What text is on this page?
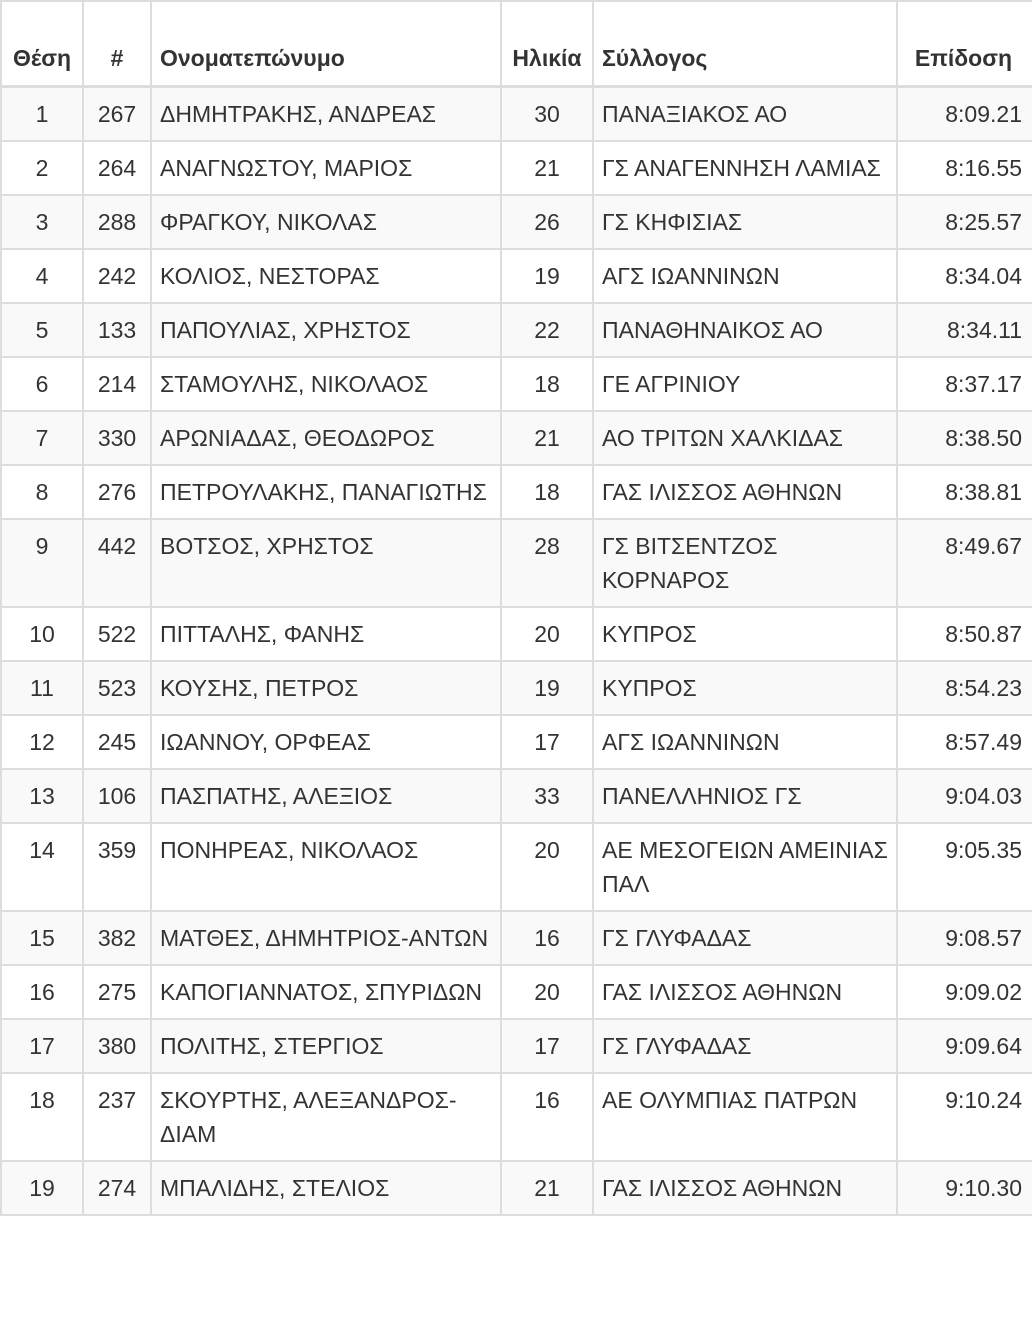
Θέση	#	Ονοματεπώνυμο	Ηλικία	Σύλλογος	Επίδοση
1	267	ΔΗΜΗΤΡΑΚΗΣ, ΑΝΔΡΕΑΣ	30	ΠΑΝΑΞΙΑΚΟΣ ΑΟ	8:09.21
2	264	ΑΝΑΓΝΩΣΤΟΥ, ΜΑΡΙΟΣ	21	ΓΣ ΑΝΑΓΕΝΝΗΣΗ ΛΑΜΙΑΣ	8:16.55
3	288	ΦΡΑΓΚΟΥ, ΝΙΚΟΛΑΣ	26	ΓΣ ΚΗΦΙΣΙΑΣ	8:25.57
4	242	ΚΟΛΙΟΣ, ΝΕΣΤΟΡΑΣ	19	ΑΓΣ ΙΩΑΝΝΙΝΩΝ	8:34.04
5	133	ΠΑΠΟΥΛΙΑΣ, ΧΡΗΣΤΟΣ	22	ΠΑΝΑΘΗΝΑΙΚΟΣ ΑΟ	8:34.11
6	214	ΣΤΑΜΟΥΛΗΣ, ΝΙΚΟΛΑΟΣ	18	ΓΕ ΑΓΡΙΝΙΟΥ	8:37.17
7	330	ΑΡΩΝΙΑΔΑΣ, ΘΕΟΔΩΡΟΣ	21	ΑΟ ΤΡΙΤΩΝ ΧΑΛΚΙΔΑΣ	8:38.50
8	276	ΠΕΤΡΟΥΛΑΚΗΣ, ΠΑΝΑΓΙΩΤΗΣ	18	ΓΑΣ ΙΛΙΣΣΟΣ ΑΘΗΝΩΝ	8:38.81
9	442	ΒΟΤΣΟΣ, ΧΡΗΣΤΟΣ	28	ΓΣ ΒΙΤΣΕΝΤΖΟΣ ΚΟΡΝΑΡΟΣ	8:49.67
10	522	ΠΙΤΤΑΛΗΣ, ΦΑΝΗΣ	20	ΚΥΠΡΟΣ	8:50.87
11	523	ΚΟΥΣΗΣ, ΠΕΤΡΟΣ	19	ΚΥΠΡΟΣ	8:54.23
12	245	ΙΩΑΝΝΟΥ, ΟΡΦΕΑΣ	17	ΑΓΣ ΙΩΑΝΝΙΝΩΝ	8:57.49
13	106	ΠΑΣΠΑΤΗΣ, ΑΛΕΞΙΟΣ	33	ΠΑΝΕΛΛΗΝΙΟΣ ΓΣ	9:04.03
14	359	ΠΟΝΗΡΕΑΣ, ΝΙΚΟΛΑΟΣ	20	ΑΕ ΜΕΣΟΓΕΙΩΝ ΑΜΕΙΝΙΑΣ ΠΑΛ	9:05.35
15	382	ΜΑΤΘΕΣ, ΔΗΜΗΤΡΙΟΣ-ΑΝΤΩΝ	16	ΓΣ ΓΛΥΦΑΔΑΣ	9:08.57
16	275	ΚΑΠΟΓΙΑΝΝΑΤΟΣ, ΣΠΥΡΙΔΩΝ	20	ΓΑΣ ΙΛΙΣΣΟΣ ΑΘΗΝΩΝ	9:09.02
17	380	ΠΟΛΙΤΗΣ, ΣΤΕΡΓΙΟΣ	17	ΓΣ ΓΛΥΦΑΔΑΣ	9:09.64
18	237	ΣΚΟΥΡΤΗΣ, ΑΛΕΞΑΝΔΡΟΣ-ΔΙΑΜ	16	ΑΕ ΟΛΥΜΠΙΑΣ ΠΑΤΡΩΝ	9:10.24
19	274	ΜΠΑΛΙΔΗΣ, ΣΤΕΛΙΟΣ	21	ΓΑΣ ΙΛΙΣΣΟΣ ΑΘΗΝΩΝ	9:10.30
